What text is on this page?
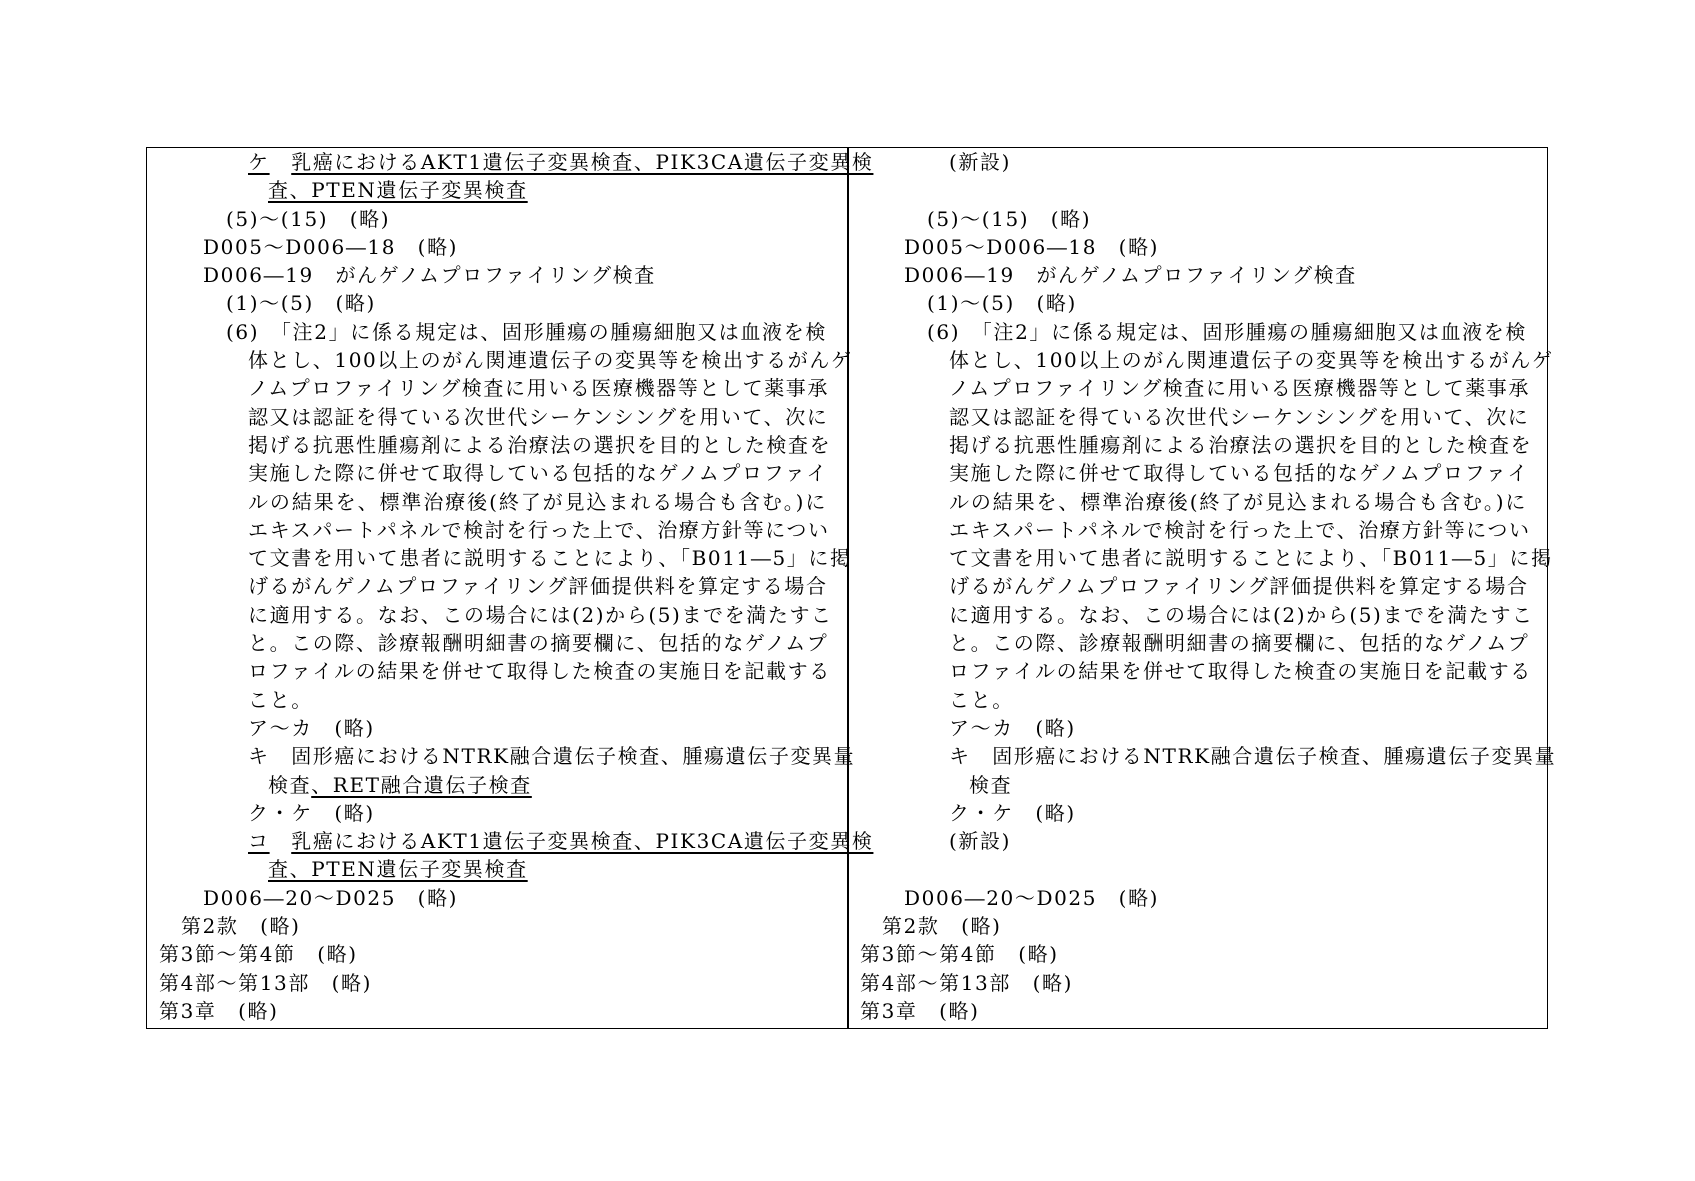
ケ　 乳癌におけるAKT1遺伝子変異検査、PIK3CA遺伝子変異検
査、PTEN遺伝子変異検査
(5)～(15)　(略)
D005～D006―18　(略)
D006―19　がんゲノムプロファイリング検査
(1)～(5)　(略)
(6)　「注2」に係る規定は、固形腫瘍の腫瘍細胞又は血液を検
体とし、100以上のがん関連遺伝子の変異等を検出するがんゲ
ノムプロファイリング検査に用いる医療機器等として薬事承
認又は認証を得ている次世代シーケンシングを用いて、次に
掲げる抗悪性腫瘍剤による治療法の選択を目的とした検査を
実施した際に併せて取得している包括的なゲノムプロファイ
ルの結果を、標準治療後(終了が見込まれる場合も含む。)に
エキスパートパネルで検討を行った上で、治療方針等につい
て文書を用いて患者に説明することにより、「B011―5」に掲
げるがんゲノムプロファイリング評価提供料を算定する場合
に適用する。なお、この場合には(2)から(5)までを満たすこ
と。この際、診療報酬明細書の摘要欄に、包括的なゲノムプ
ロファイルの結果を併せて取得した検査の実施日を記載する
こと。
ア～カ　(略)
キ　固形癌におけるNTRK融合遺伝子検査、腫瘍遺伝子変異量
検査、RET融合遺伝子検査
ク・ケ　(略)
コ　 乳癌におけるAKT1遺伝子変異検査、PIK3CA遺伝子変異検
査、PTEN遺伝子変異検査
D006―20～D025　(略)
第2款　(略)
第3節～第4節　(略)
第4部～第13部　(略)
第3章　(略)
(新設)
(5)～(15)　(略)
D005～D006―18　(略)
D006―19　がんゲノムプロファイリング検査
(1)～(5)　(略)
(6)　「注2」に係る規定は、固形腫瘍の腫瘍細胞又は血液を検
体とし、100以上のがん関連遺伝子の変異等を検出するがんゲ
ノムプロファイリング検査に用いる医療機器等として薬事承
認又は認証を得ている次世代シーケンシングを用いて、次に
掲げる抗悪性腫瘍剤による治療法の選択を目的とした検査を
実施した際に併せて取得している包括的なゲノムプロファイ
ルの結果を、標準治療後(終了が見込まれる場合も含む。)に
エキスパートパネルで検討を行った上で、治療方針等につい
て文書を用いて患者に説明することにより、「B011―5」に掲
げるがんゲノムプロファイリング評価提供料を算定する場合
に適用する。なお、この場合には(2)から(5)までを満たすこ
と。この際、診療報酬明細書の摘要欄に、包括的なゲノムプ
ロファイルの結果を併せて取得した検査の実施日を記載する
こと。
ア～カ　(略)
キ　固形癌におけるNTRK融合遺伝子検査、腫瘍遺伝子変異量
検査
ク・ケ　(略)
(新設)
D006―20～D025　(略)
第2款　(略)
第3節～第4節　(略)
第4部～第13部　(略)
第3章　(略)
